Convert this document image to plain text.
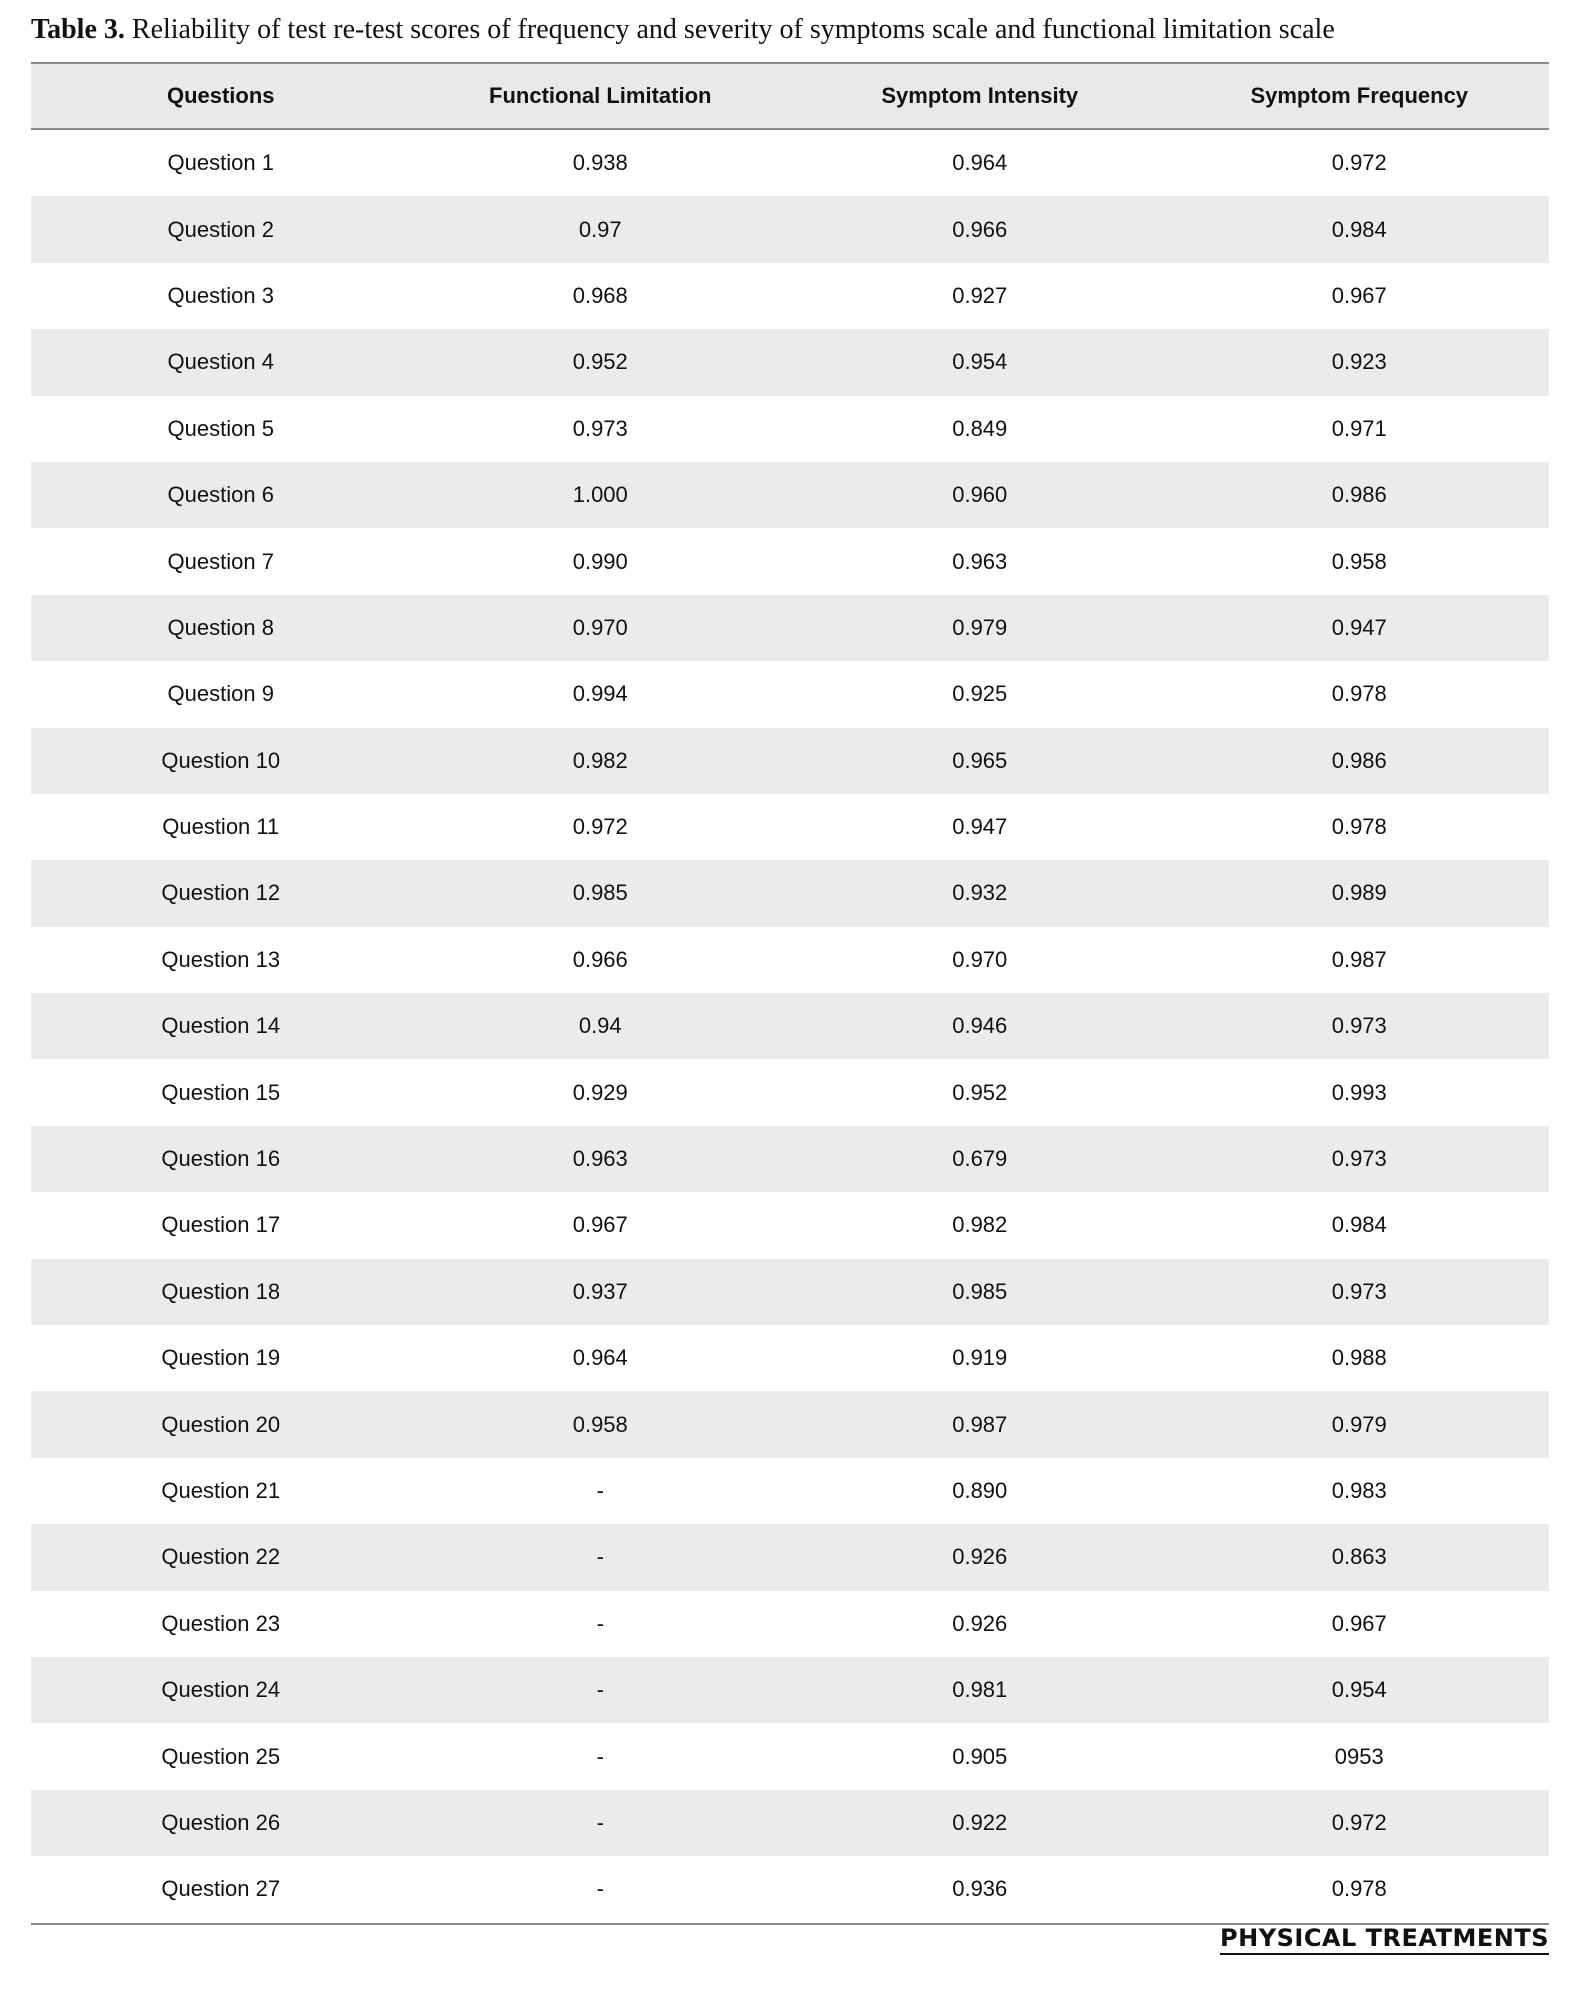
Table 3. Reliability of test re-test scores of frequency and severity of symptoms scale and functional limitation scale
Questions	Functional Limitation	Symptom Intensity	Symptom Frequency
Question 1	0.938	0.964	0.972
Question 2	0.97	0.966	0.984
Question 3	0.968	0.927	0.967
Question 4	0.952	0.954	0.923
Question 5	0.973	0.849	0.971
Question 6	1.000	0.960	0.986
Question 7	0.990	0.963	0.958
Question 8	0.970	0.979	0.947
Question 9	0.994	0.925	0.978
Question 10	0.982	0.965	0.986
Question 11	0.972	0.947	0.978
Question 12	0.985	0.932	0.989
Question 13	0.966	0.970	0.987
Question 14	0.94	0.946	0.973
Question 15	0.929	0.952	0.993
Question 16	0.963	0.679	0.973
Question 17	0.967	0.982	0.984
Question 18	0.937	0.985	0.973
Question 19	0.964	0.919	0.988
Question 20	0.958	0.987	0.979
Question 21	-	0.890	0.983
Question 22	-	0.926	0.863
Question 23	-	0.926	0.967
Question 24	-	0.981	0.954
Question 25	-	0.905	0953
Question 26	-	0.922	0.972
Question 27	-	0.936	0.978
PHYSICAL TREATMENTS
